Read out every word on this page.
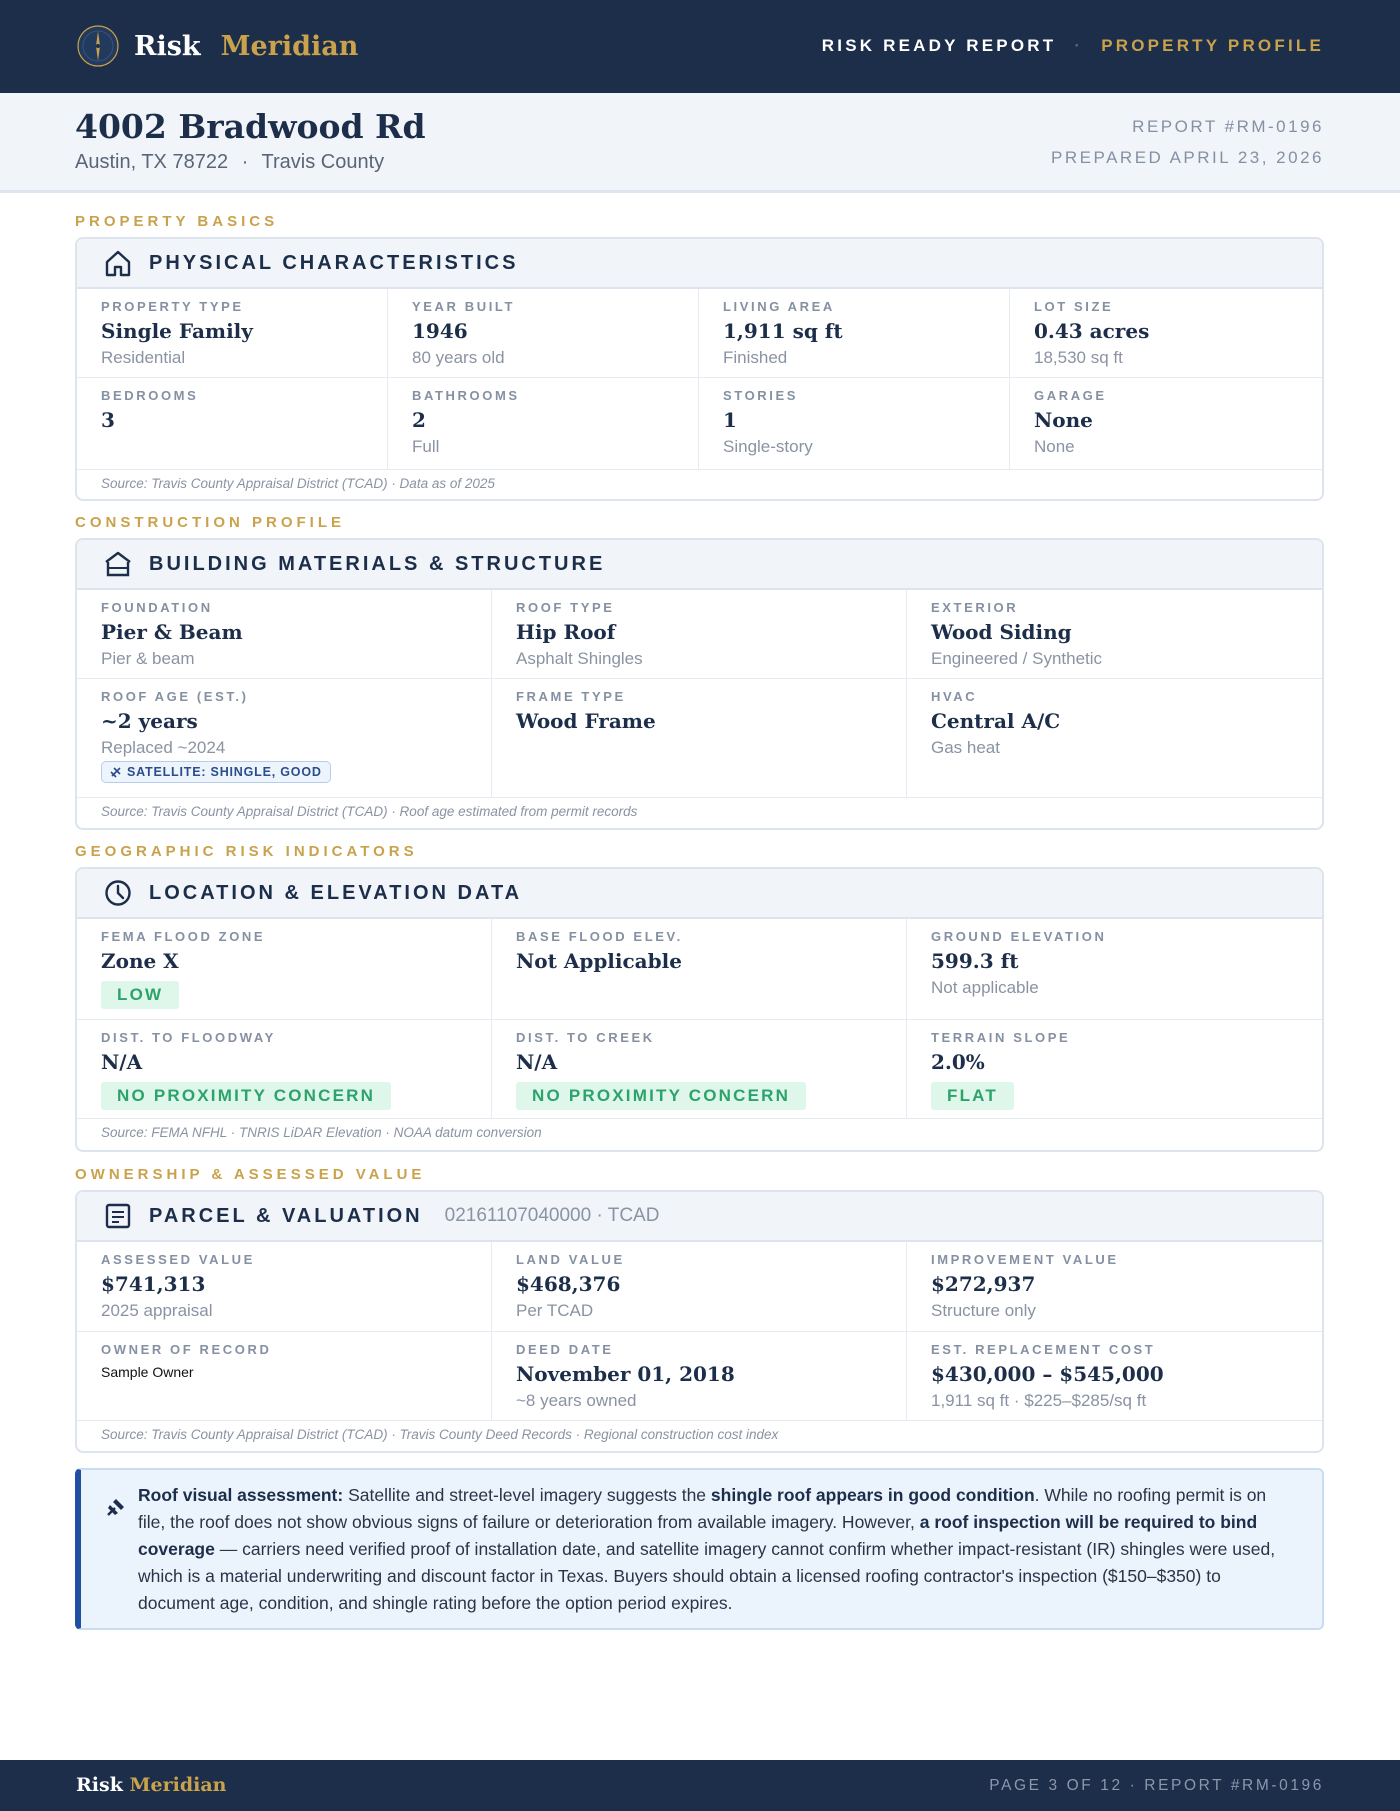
Risk Meridian	RISK READY REPORT · PROPERTY PROFILE
4002 Bradwood Rd
Austin, TX 78722 · Travis County
REPORT #RM-0196
PREPARED APRIL 23, 2026
PROPERTY BASICS
PHYSICAL CHARACTERISTICS
PROPERTY TYPE
Single Family
Residential
YEAR BUILT
1946
80 years old
LIVING AREA
1,911 sq ft
Finished
LOT SIZE
0.43 acres
18,530 sq ft
BEDROOMS
3
BATHROOMS
2
Full
STORIES
1
Single-story
GARAGE
None
None
Source: Travis County Appraisal District (TCAD) · Data as of 2025
CONSTRUCTION PROFILE
BUILDING MATERIALS & STRUCTURE
FOUNDATION
Pier & Beam
Pier & beam
ROOF TYPE
Hip Roof
Asphalt Shingles
EXTERIOR
Wood Siding
Engineered / Synthetic
ROOF AGE (EST.)
~2 years
Replaced ~2024
SATELLITE: SHINGLE, GOOD
FRAME TYPE
Wood Frame
HVAC
Central A/C
Gas heat
Source: Travis County Appraisal District (TCAD) · Roof age estimated from permit records
GEOGRAPHIC RISK INDICATORS
LOCATION & ELEVATION DATA
FEMA FLOOD ZONE
Zone X
LOW
BASE FLOOD ELEV.
Not Applicable
GROUND ELEVATION
599.3 ft
Not applicable
DIST. TO FLOODWAY
N/A
NO PROXIMITY CONCERN
DIST. TO CREEK
N/A
NO PROXIMITY CONCERN
TERRAIN SLOPE
2.0%
FLAT
Source: FEMA NFHL · TNRIS LiDAR Elevation · NOAA datum conversion
OWNERSHIP & ASSESSED VALUE
PARCEL & VALUATION 02161107040000 · TCAD
ASSESSED VALUE
$741,313
2025 appraisal
LAND VALUE
$468,376
Per TCAD
IMPROVEMENT VALUE
$272,937
Structure only
OWNER OF RECORD
Sample Owner
DEED DATE
November 01, 2018
~8 years owned
EST. REPLACEMENT COST
$430,000 – $545,000
1,911 sq ft · $225–$285/sq ft
Source: Travis County Appraisal District (TCAD) · Travis County Deed Records · Regional construction cost index
Roof visual assessment: Satellite and street-level imagery suggests the shingle roof appears in good condition. While no roofing permit is on file, the roof does not show obvious signs of failure or deterioration from available imagery. However, a roof inspection will be required to bind coverage — carriers need verified proof of installation date, and satellite imagery cannot confirm whether impact-resistant (IR) shingles were used, which is a material underwriting and discount factor in Texas. Buyers should obtain a licensed roofing contractor's inspection ($150–$350) to document age, condition, and shingle rating before the option period expires.
Risk Meridian	PAGE 3 OF 12 · REPORT #RM-0196
